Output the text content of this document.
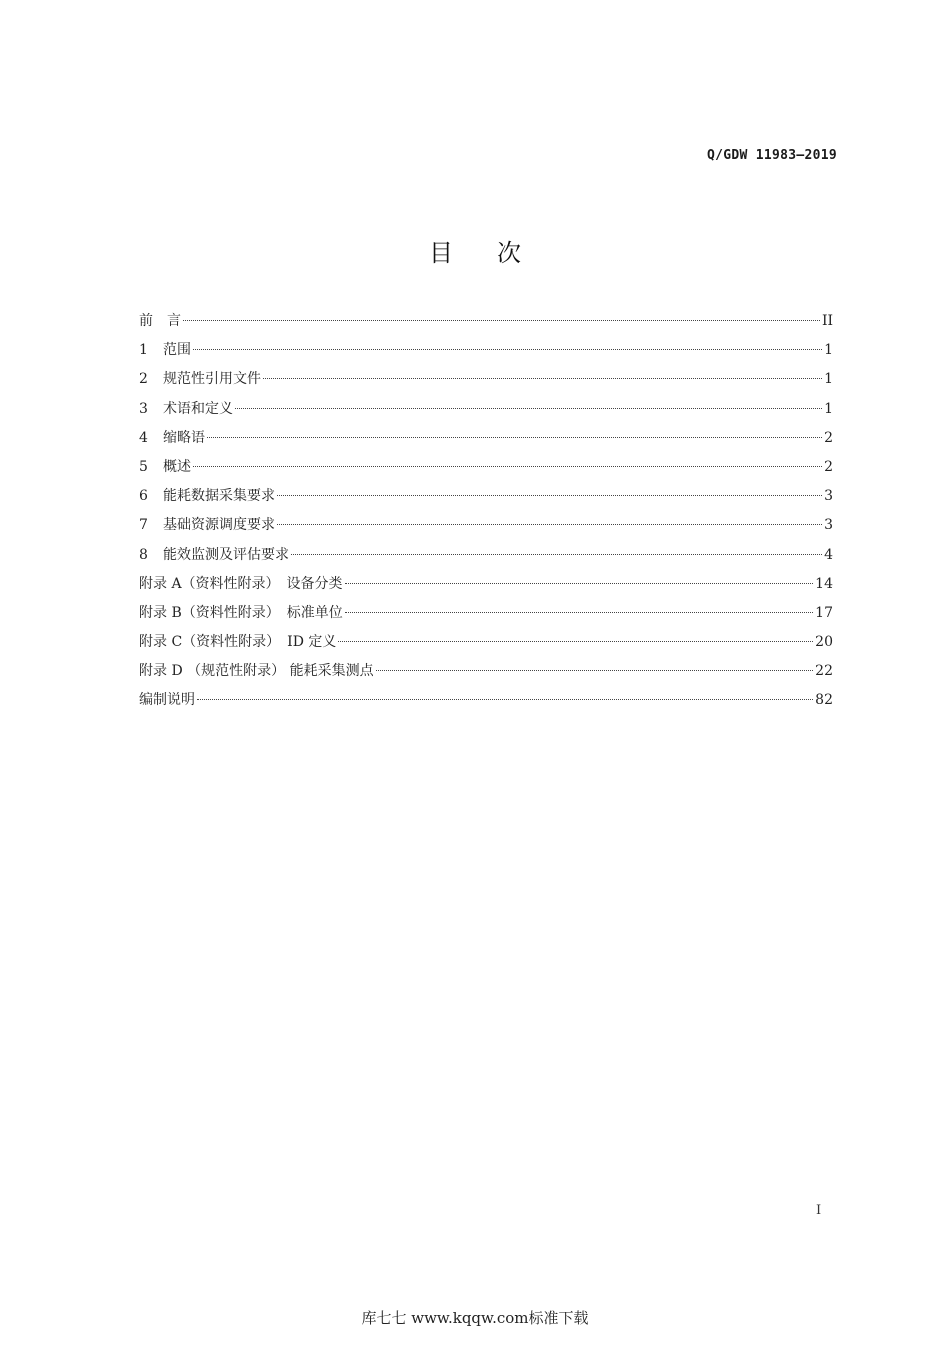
Q/GDW 11983—2019
目次
前　言	II
1	范围	1
2	规范性引用文件	1
3	术语和定义	1
4	缩略语	2
5	概述	2
6	能耗数据采集要求	3
7	基础资源调度要求	3
8	能效监测及评估要求	4
附录 A（资料性附录）　设备分类	14
附录 B（资料性附录）　标准单位	17
附录 C（资料性附录）　ID 定义	20
附录 D （规范性附录） 能耗采集测点	22
编制说明	82
I
库七七 www.kqqw.com标准下载
